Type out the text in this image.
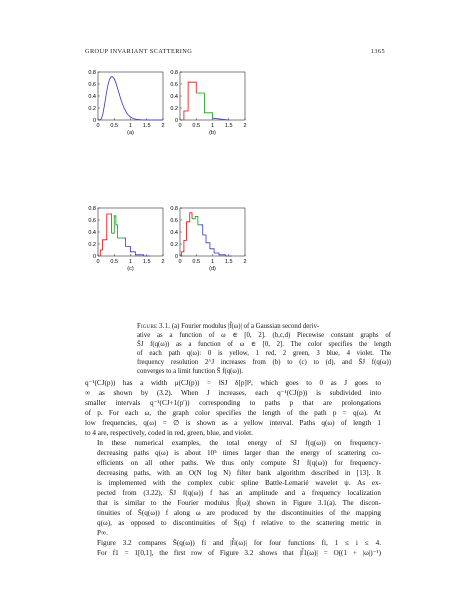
GROUP INVARIANT SCATTERING	1365
0
0.2
0.4
0.6
0.8
0 0.5 1 1.5 2
(a)
0
0.2
0.4
0.6
0.8
0 0.5 1 1.5 2
(b)
0
0.2
0.4
0.6
0.8
0 0.5 1 1.5 2
(c)
0
0.2
0.4
0.6
0.8
0 0.5 1 1.5 2
(d)
Figure 3.1. (a) Fourier modulus |f̂(ω)| of a Gaussian second deriv-
ative as a function of ω ∈ [0, 2]. (b,c,d) Piecewise constant graphs of
S̄J f(q(ω)) as a function of ω ∈ [0, 2]. The color specifies the length
of each path q(ω): 0 is yellow, 1 red, 2 green, 3 blue, 4 violet. The
frequency resolution 2^J increases from (b) to (c) to (d), and S̄J f(q(ω))
converges to a limit function S̄ f(q(ω)).

q⁻¹(CJ(p)) has a width μ(CJ(p)) = ‖SJ δ[p]‖², which goes to 0 as J goes to
∞ as shown by (3.2). When J increases, each q⁻¹(CJ(p)) is subdivided into
smaller intervals q⁻¹(CJ+1(p′)) corresponding to paths p that are prolongations
of p. For each ω, the graph color specifies the length of the path p = q(ω). At
low frequencies, q(ω) = ∅ is shown as a yellow interval. Paths q(ω) of length 1
to 4 are, respectively, coded in red, green, blue, and violet.

In these numerical examples, the total energy of SJ f(q(ω)) on frequency-
decreasing paths q(ω) is about 10⁵ times larger than the energy of scattering co-
efficients on all other paths. We thus only compute S̄J f(q(ω)) for frequency-
decreasing paths, with an O(N log N) filter bank algorithm described in [13]. It
is implemented with the complex cubic spline Battle-Lemarié wavelet ψ. As ex-
pected from (3.22), S̄J f(q(ω)) f has an amplitude and a frequency localization
that is similar to the Fourier modulus |f̂(ω)| shown in Figure 3.1(a). The discon-
tinuities of S̄(q(ω)) f along ω are produced by the discontinuities of the mapping
q(ω), as opposed to discontinuities of S̄(q) f relative to the scattering metric in
P∞.

Figure 3.2 compares S̄(q(ω)) fi and |f̂i(ω)| for four functions fi, 1 ≤ i ≤ 4.
For f1 = 1[0,1], the first row of Figure 3.2 shows that |f̂1(ω)| = O((1 + |ω|)⁻¹)
